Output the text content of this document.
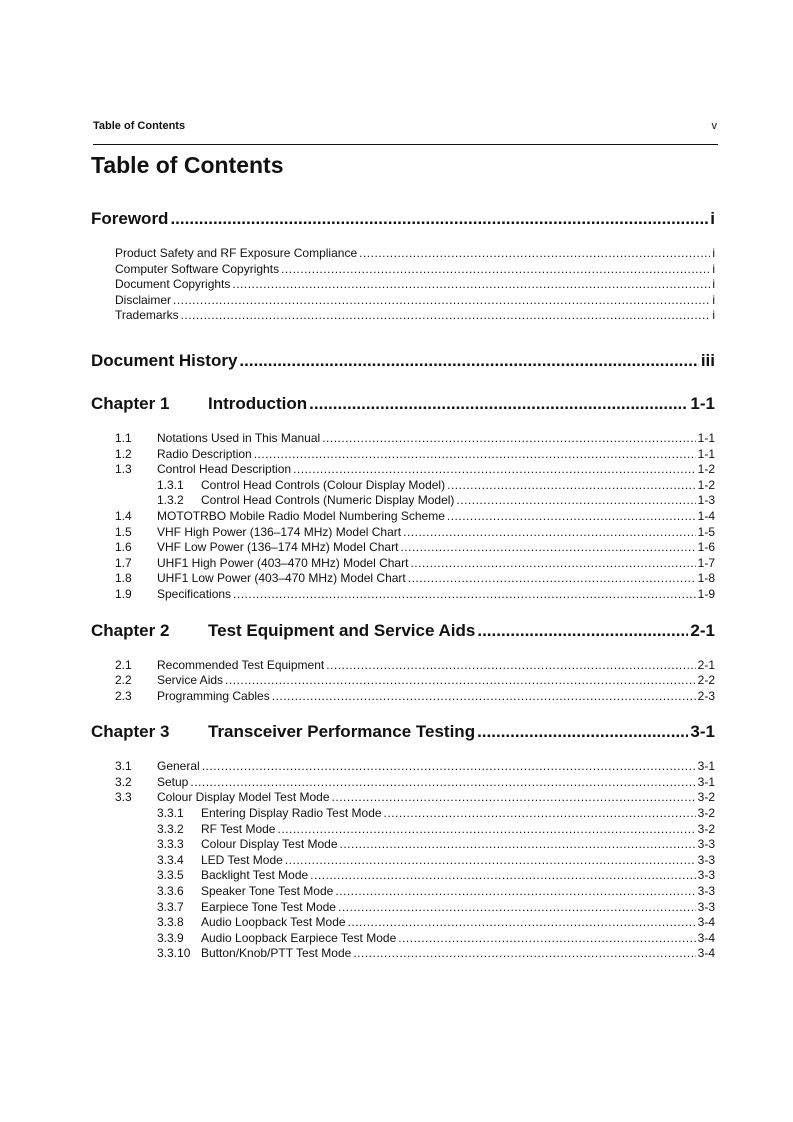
Table of Contents	v
Table of Contents
Foreword .....	i
Product Safety and RF Exposure Compliance .....	i
Computer Software Copyrights .....	i
Document Copyrights .....	i
Disclaimer .....	i
Trademarks .....	i
Document History .....	iii
Chapter 1 Introduction .....	1-1
1.1 Notations Used in This Manual .....	1-1
1.2 Radio Description .....	1-1
1.3 Control Head Description .....	1-2
1.3.1 Control Head Controls (Colour Display Model) .....	1-2
1.3.2 Control Head Controls (Numeric Display Model) .....	1-3
1.4 MOTOTRBO Mobile Radio Model Numbering Scheme .....	1-4
1.5 VHF High Power (136–174 MHz) Model Chart .....	1-5
1.6 VHF Low Power (136–174 MHz) Model Chart .....	1-6
1.7 UHF1 High Power (403–470 MHz) Model Chart .....	1-7
1.8 UHF1 Low Power (403–470 MHz) Model Chart .....	1-8
1.9 Specifications .....	1-9
Chapter 2 Test Equipment and Service Aids .....	2-1
2.1 Recommended Test Equipment .....	2-1
2.2 Service Aids .....	2-2
2.3 Programming Cables .....	2-3
Chapter 3 Transceiver Performance Testing .....	3-1
3.1 General .....	3-1
3.2 Setup .....	3-1
3.3 Colour Display Model Test Mode .....	3-2
3.3.1 Entering Display Radio Test Mode .....	3-2
3.3.2 RF Test Mode .....	3-2
3.3.3 Colour Display Test Mode .....	3-3
3.3.4 LED Test Mode .....	3-3
3.3.5 Backlight Test Mode .....	3-3
3.3.6 Speaker Tone Test Mode .....	3-3
3.3.7 Earpiece Tone Test Mode .....	3-3
3.3.8 Audio Loopback Test Mode .....	3-4
3.3.9 Audio Loopback Earpiece Test Mode .....	3-4
3.3.10 Button/Knob/PTT Test Mode .....	3-4
